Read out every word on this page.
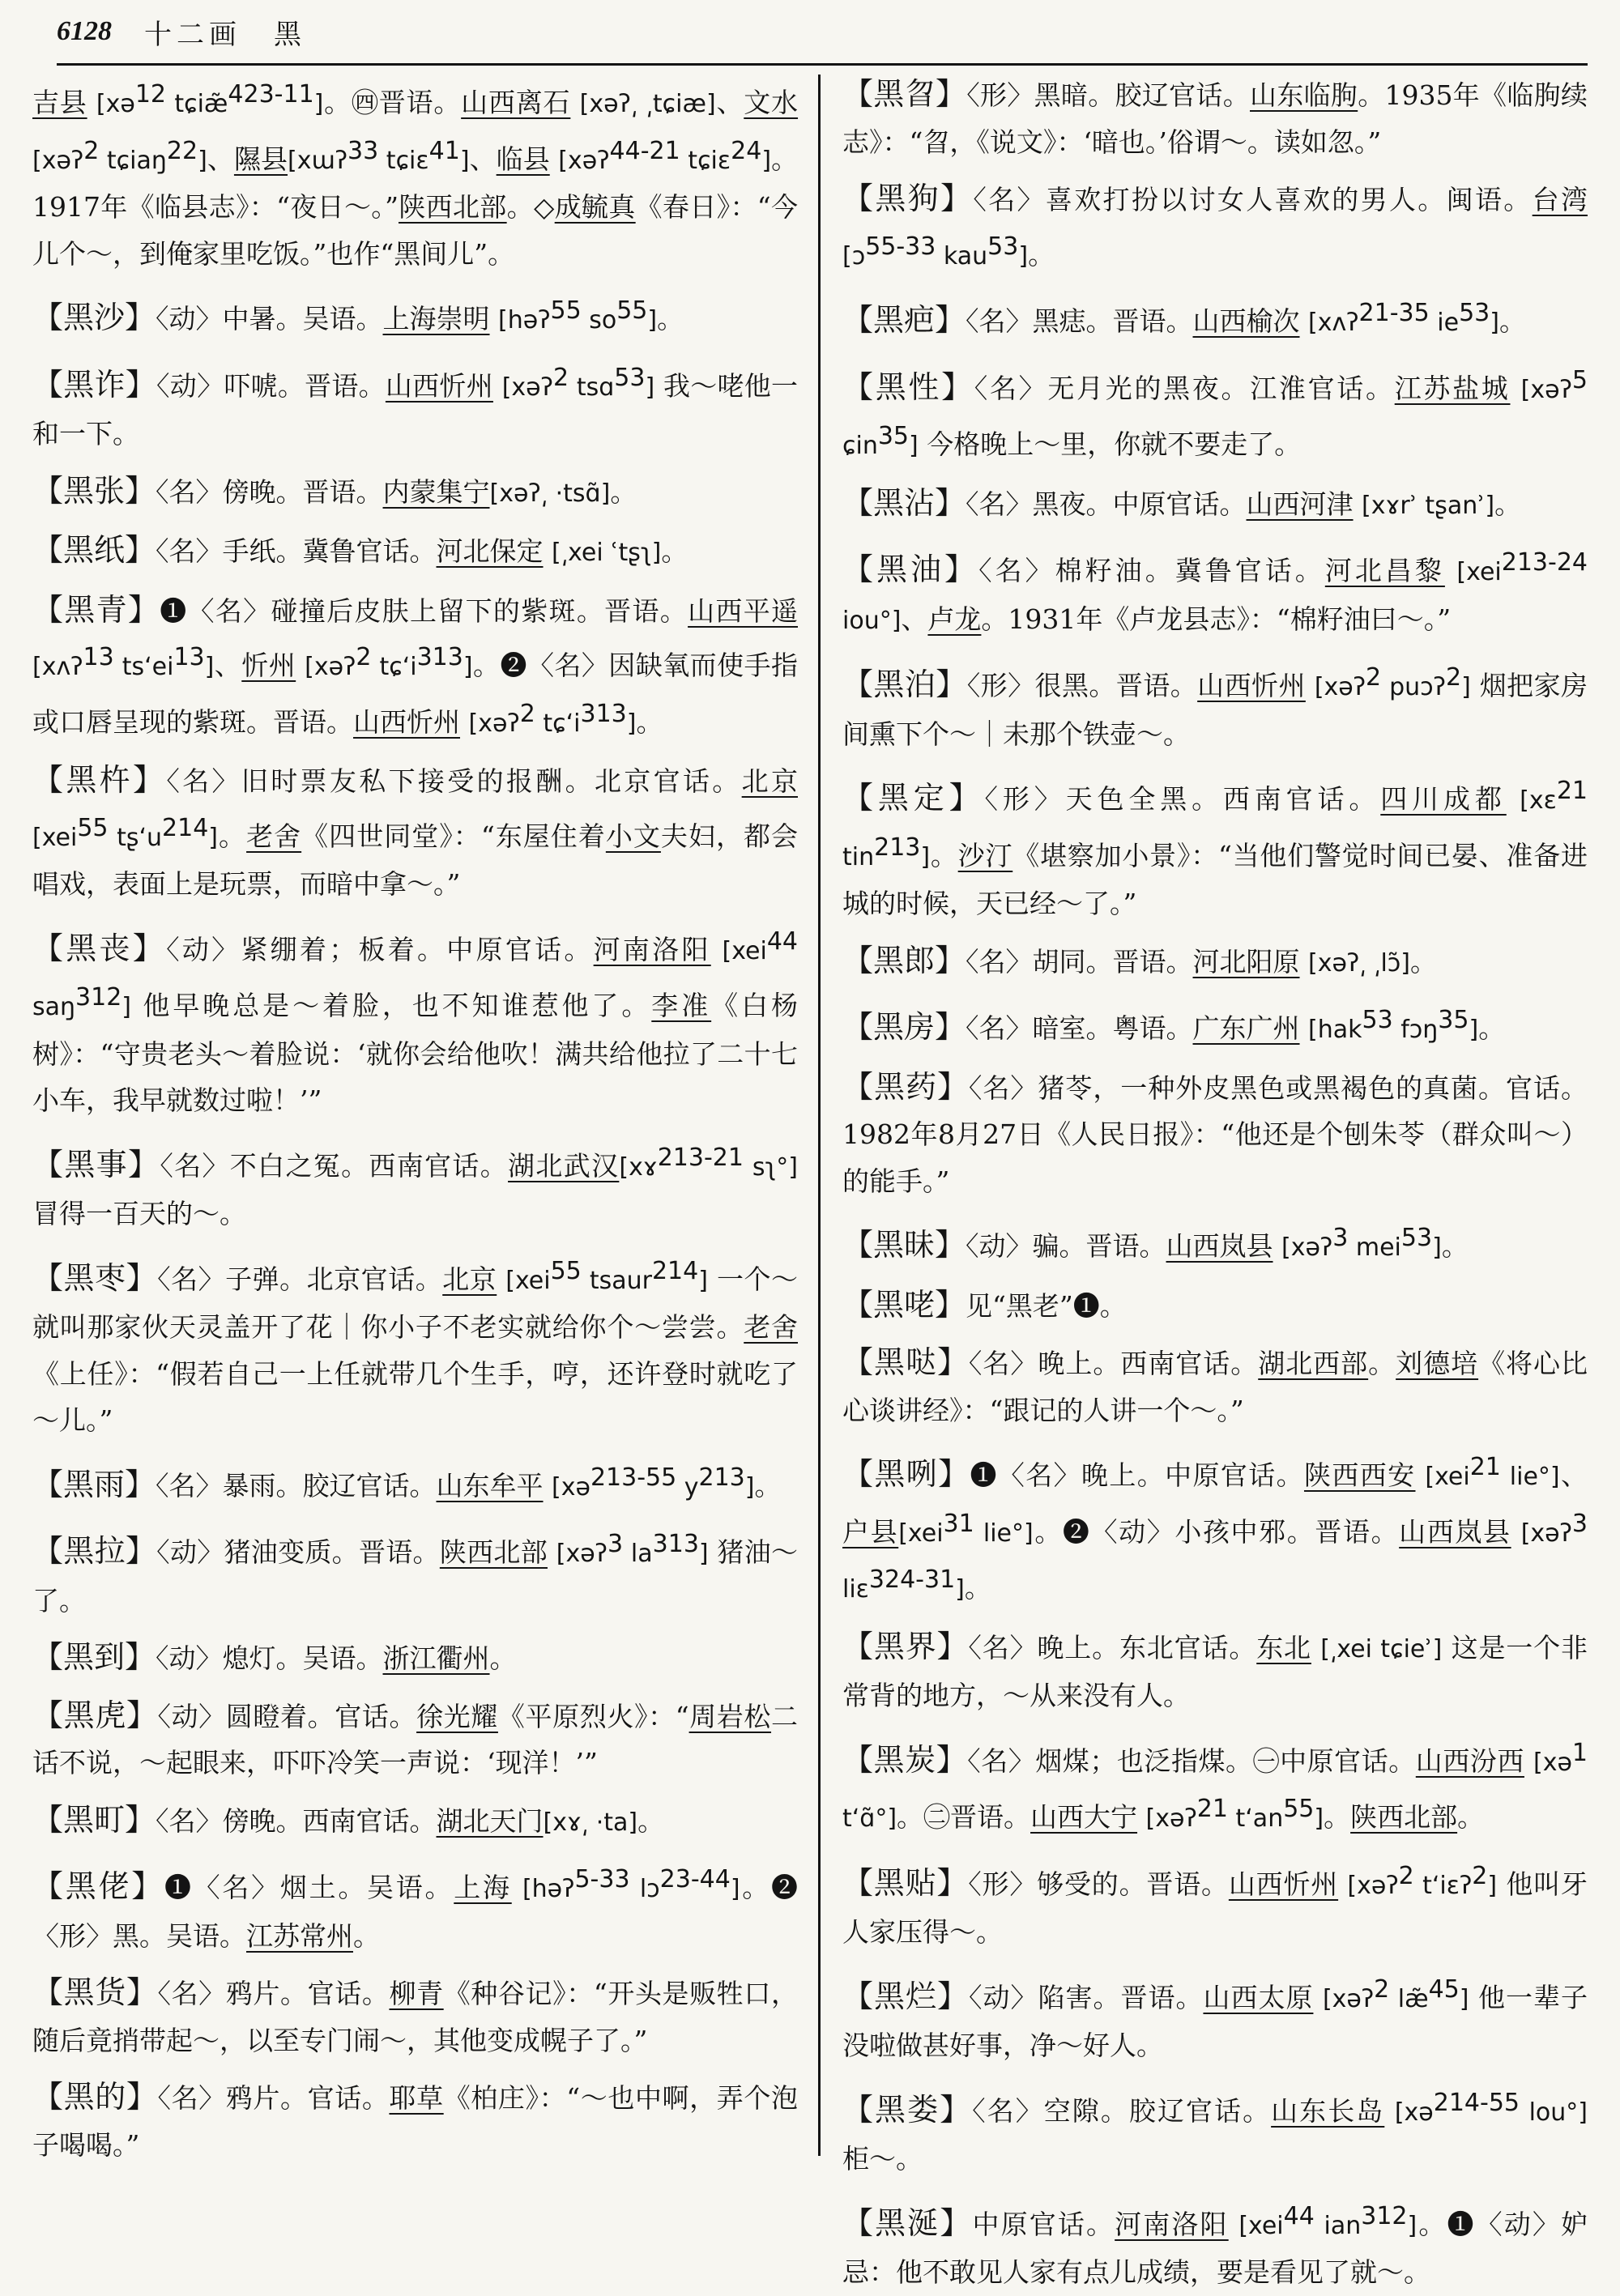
6128 十二画　黑

吉县 [xə$^{12}$ tɕiæ̃$^{423-11}$]。㊃晋语。山西离石 [xəʔ͵ ͵tɕiæ]、文水 [xəʔ$^2$ tɕiaŋ$^{22}$]、隰县[xɯʔ$^{33}$ tɕiɛ$^{41}$]、临县 [xəʔ$^{44-21}$ tɕiɛ$^{24}$]。1917年《临县志》：“夜日～。”陕西北部。◇成毓真《春日》：“今儿个～，到俺家里吃饭。”也作“黑间儿”。

【黑沙】〈动〉中暑。吴语。上海崇明 [həʔ$^{55}$ $so^{55}$]。

【黑诈】〈动〉吓唬。晋语。山西忻州 [xəʔ$^2$ tsɑ$^{53}$] 我～咾他一和一下。

【黑张】〈名〉傍晚。晋语。内蒙集宁[xəʔ͵ ·tsɑ̃]。

【黑纸】〈名〉手纸。冀鲁官话。河北保定 [͵xei ʿtʂʅ]。

【黑青】❶〈名〉碰撞后皮肤上留下的紫斑。晋语。山西平遥 [xʌʔ$^{13}$ tsʻei$^{13}$]、忻州 [xəʔ$^2$ tɕʻi$^{313}$]。❷〈名〉因缺氧而使手指或口唇呈现的紫斑。晋语。山西忻州 [xəʔ$^2$ tɕʻi$^{313}$]。

【黑杵】〈名〉旧时票友私下接受的报酬。北京官话。北京 [xei$^{55}$ tʂʻu$^{214}$]。老舍《四世同堂》：“东屋住着小文夫妇，都会唱戏，表面上是玩票，而暗中拿～。”

【黑丧】〈动〉紧绷着；板着。中原官话。河南洛阳 [xei$^{44}$ saŋ$^{312}$] 他早晚总是～着脸，也不知谁惹他了。李准《白杨树》：“守贵老头～着脸说：‘就你会给他吹！满共给他拉了二十七小车，我早就数过啦！’”

【黑事】〈名〉不白之冤。西南官话。湖北武汉[xɤ$^{213-21}$ sʅ°] 冒得一百天的～。

【黑枣】〈名〉子弹。北京官话。北京 [xei$^{55}$ tsaur$^{214}$] 一个～就叫那家伙天灵盖开了花｜你小子不老实就给你个～尝尝。老舍《上任》：“假若自己一上任就带几个生手，哼，还许登时就吃了～儿。”

【黑雨】〈名〉暴雨。胶辽官话。山东牟平 [xə$^{213-55}$ $y^{213}$]。

【黑拉】〈动〉猪油变质。晋语。陕西北部 [xəʔ$^3$ $la^{313}$] 猪油～了。

【黑到】〈动〉熄灯。吴语。浙江衢州。

【黑虎】〈动〉圆瞪着。官话。徐光耀《平原烈火》：“周岩松二话不说，～起眼来，吓吓冷笑一声说：‘现洋！’”

【黑町】〈名〉傍晚。西南官话。湖北天门[xɤ͵ ·ta]。

【黑佬】❶〈名〉烟土。吴语。上海 [həʔ$^{5-33}$ lɔ$^{23-44}$]。❷〈形〉黑。吴语。江苏常州。

【黑货】〈名〉鸦片。官话。柳青《种谷记》：“开头是贩牲口，随后竟捎带起～，以至专门闹～，其他变成幌子了。”

【黑的】〈名〉鸦片。官话。耶草《柏庄》：“～也中啊，弄个泡子喝喝。”

【黑曶】〈形〉黑暗。胶辽官话。山东临朐。1935年《临朐续志》：“曶，《说文》：‘暗也。’俗谓～。读如忽。”

【黑狗】〈名〉喜欢打扮以讨女人喜欢的男人。闽语。台湾 [ɔ$^{55-33}$ kau$^{53}$]。

【黑疤】〈名〉黑痣。晋语。山西榆次 [xʌʔ$^{21-35}$ $ie^{53}$]。

【黑性】〈名〉无月光的黑夜。江淮官话。江苏盐城 [xəʔ$^5$ ɕin$^{35}$] 今格晚上～里，你就不要走了。

【黑沾】〈名〉黑夜。中原官话。山西河津 [xɤrʾ tʂanʾ]。

【黑油】〈名〉棉籽油。冀鲁官话。河北昌黎 [xei$^{213-24}$ iou°]、卢龙。1931年《卢龙县志》：“棉籽油曰～。”

【黑泊】〈形〉很黑。晋语。山西忻州 [xəʔ$^2$ puɔʔ$^2$] 烟把家房间熏下个～｜未那个铁壶～。

【黑定】〈形〉天色全黑。西南官话。四川成都 [xɛ$^{21}$ tin$^{213}$]。沙汀《堪察加小景》：“当他们警觉时间已晏、准备进城的时候，天已经～了。”

【黑郎】〈名〉胡同。晋语。河北阳原 [xəʔ͵ ͵lɔ̃]。

【黑房】〈名〉暗室。粤语。广东广州 [hak$^{53}$ fɔŋ$^{35}$]。

【黑药】〈名〉猪苓，一种外皮黑色或黑褐色的真菌。官话。1982年8月27日《人民日报》：“他还是个刨朱苓（群众叫～）的能手。”

【黑昧】〈动〉骗。晋语。山西岚县 [xəʔ$^3$ mei$^{53}$]。

【黑咾】见“黑老”❶。

【黑哒】〈名〉晚上。西南官话。湖北西部。刘德培《将心比心谈讲经》：“跟记的人讲一个～。”

【黑咧】❶〈名〉晚上。中原官话。陕西西安 [xei$^{21}$ lie°]、户县[xei$^{31}$ lie°]。❷〈动〉小孩中邪。晋语。山西岚县 [xəʔ$^3$ liɛ$^{324-31}$]。

【黑界】〈名〉晚上。东北官话。东北 [͵xei tɕieʾ] 这是一个非常背的地方，～从来没有人。

【黑炭】〈名〉烟煤；也泛指煤。㊀中原官话。山西汾西 [xə$^1$ tʻɑ̃°]。㊁晋语。山西大宁 [xəʔ$^{21}$ tʻan$^{55}$]。陕西北部。

【黑贴】〈形〉够受的。晋语。山西忻州 [xəʔ$^2$ tʻiɛʔ$^2$] 他叫牙人家压得～。

【黑烂】〈动〉陷害。晋语。山西太原 [xəʔ$^2$ læ̃$^{45}$] 他一辈子没啦做甚好事，净～好人。

【黑娄】〈名〉空隙。胶辽官话。山东长岛 [xə$^{214-55}$ lou°] 柜～。

【黑涎】中原官话。河南洛阳 [xei$^{44}$ ian$^{312}$]。❶〈动〉妒忌：他不敢见人家有点儿成绩，要是看见了就～。
